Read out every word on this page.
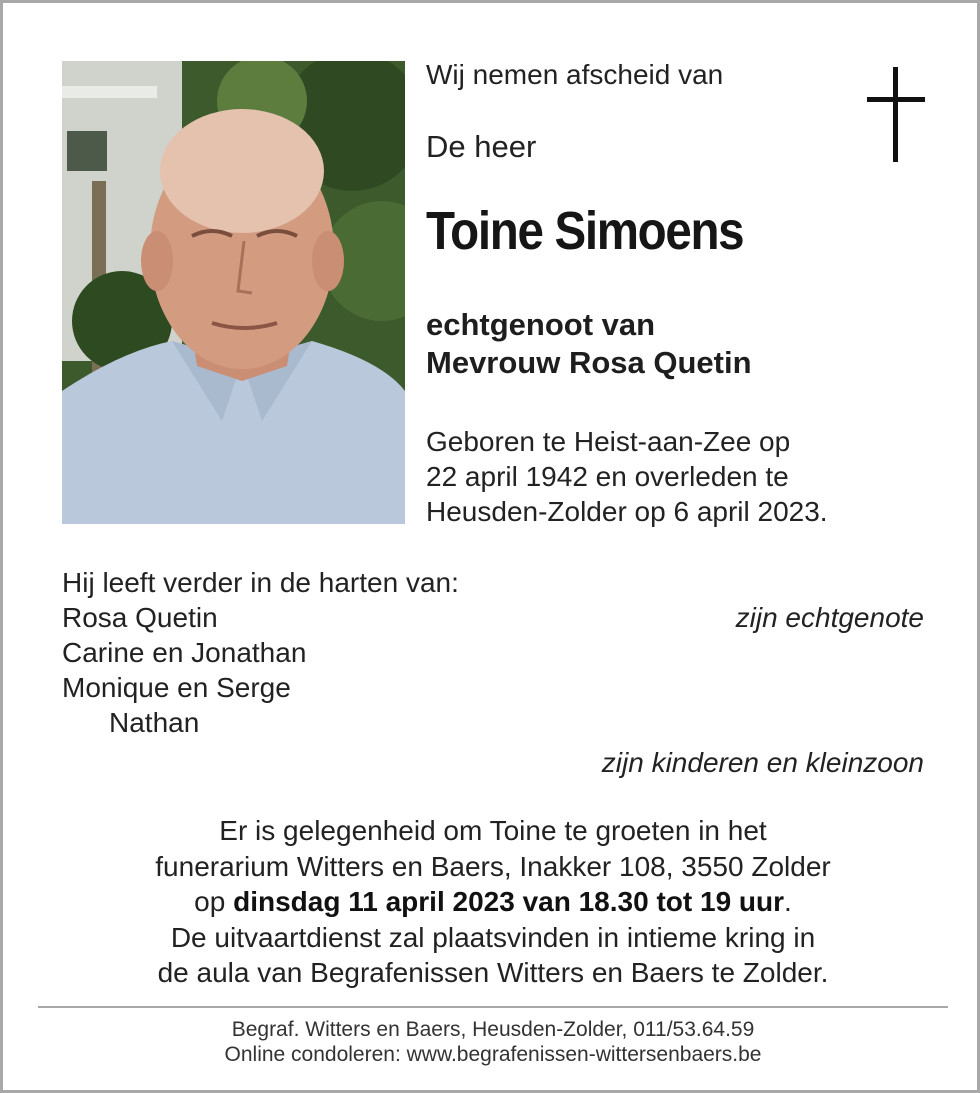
Wij nemen afscheid van
De heer
Toine Simoens
echtgenoot van
Mevrouw Rosa Quetin
Geboren te Heist-aan-Zee op
22 april 1942 en overleden te
Heusden-Zolder op 6 april 2023.
Hij leeft verder in de harten van:
Rosa Quetin	zijn echtgenote
Carine en Jonathan
Monique en Serge
Nathan
zijn kinderen en kleinzoon
Er is gelegenheid om Toine te groeten in het
funerarium Witters en Baers, Inakker 108, 3550 Zolder
op dinsdag 11 april 2023 van 18.30 tot 19 uur.
De uitvaartdienst zal plaatsvinden in intieme kring in
de aula van Begrafenissen Witters en Baers te Zolder.
Begraf. Witters en Baers, Heusden-Zolder, 011/53.64.59
Online condoleren: www.begrafenissen-wittersenbaers.be
